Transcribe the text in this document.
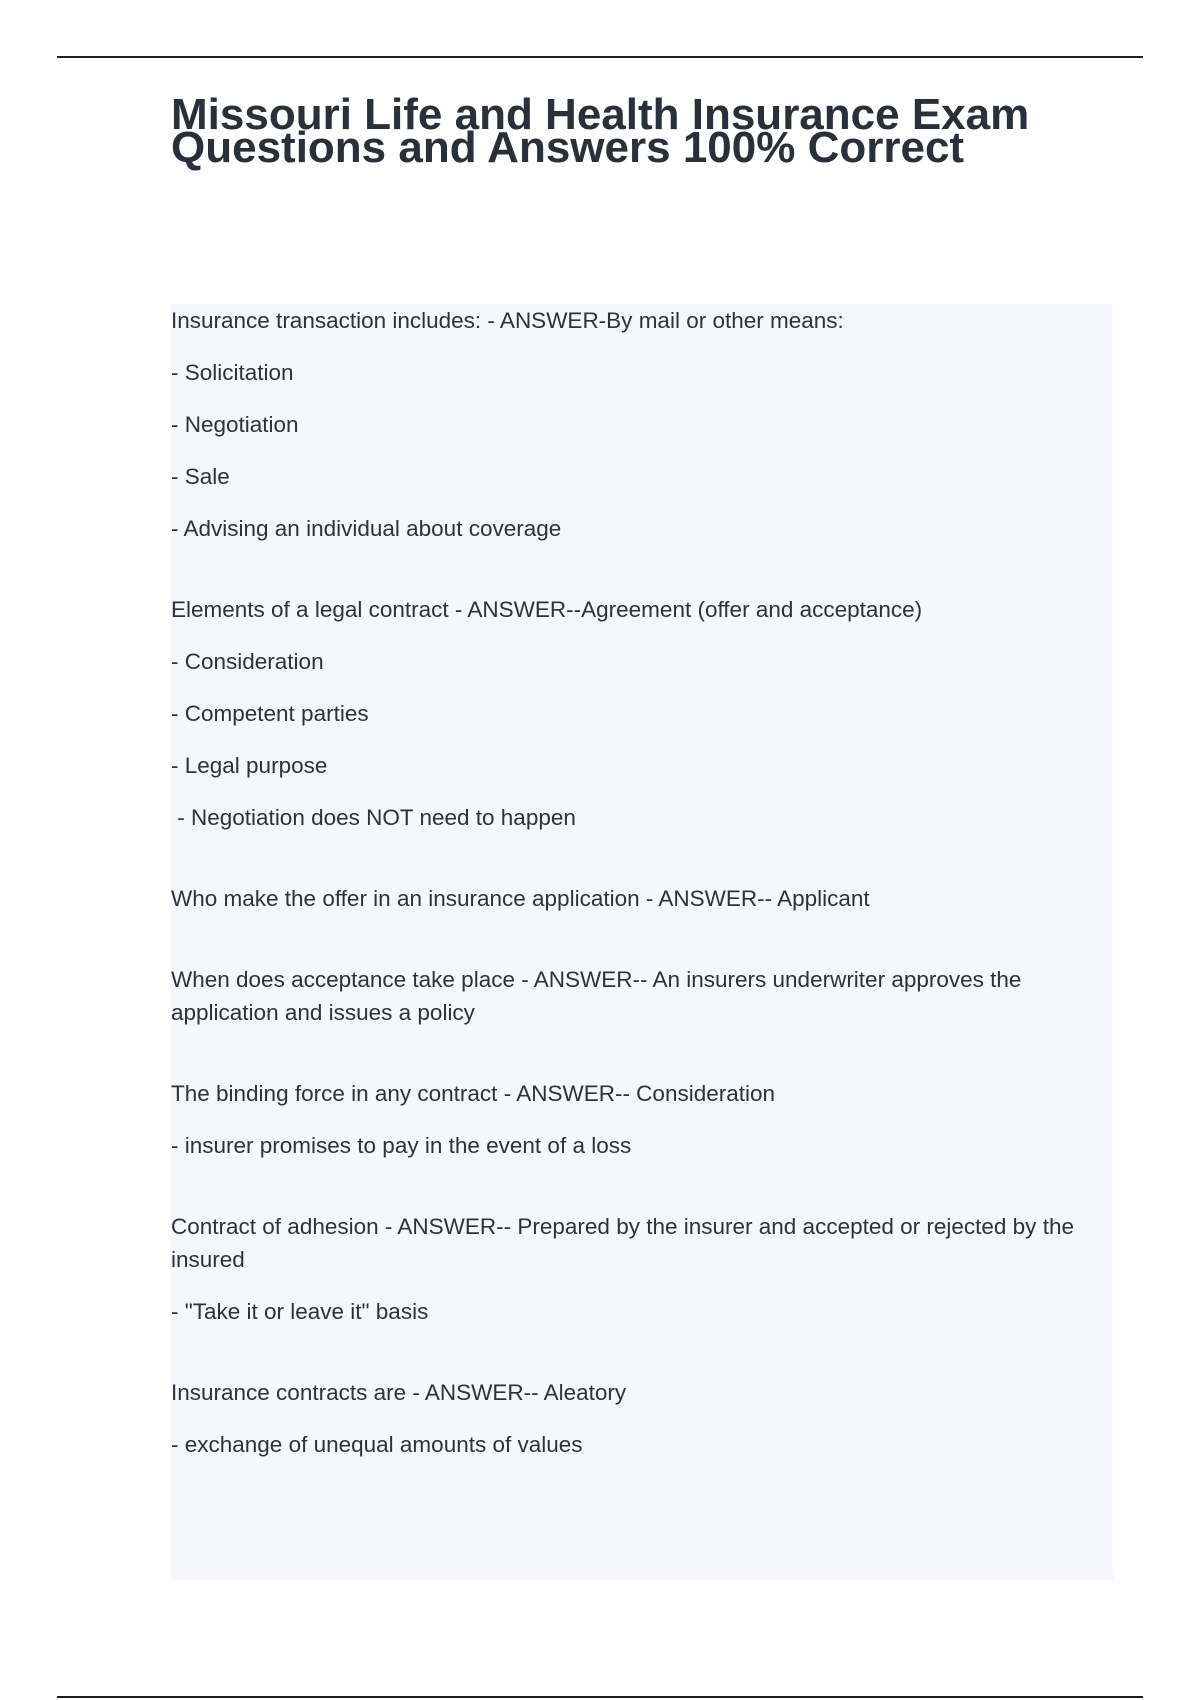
Missouri Life and Health Insurance Exam Questions and Answers 100% Correct

Insurance transaction includes: - ANSWER-By mail or other means:

- Solicitation

- Negotiation

- Sale

- Advising an individual about coverage

Elements of a legal contract - ANSWER--Agreement (offer and acceptance)

- Consideration

- Competent parties

- Legal purpose

- Negotiation does NOT need to happen

Who make the offer in an insurance application - ANSWER-- Applicant

When does acceptance take place - ANSWER-- An insurers underwriter approves the application and issues a policy

The binding force in any contract - ANSWER-- Consideration

- insurer promises to pay in the event of a loss

Contract of adhesion - ANSWER-- Prepared by the insurer and accepted or rejected by the insured

- "Take it or leave it" basis

Insurance contracts are - ANSWER-- Aleatory

- exchange of unequal amounts of values
